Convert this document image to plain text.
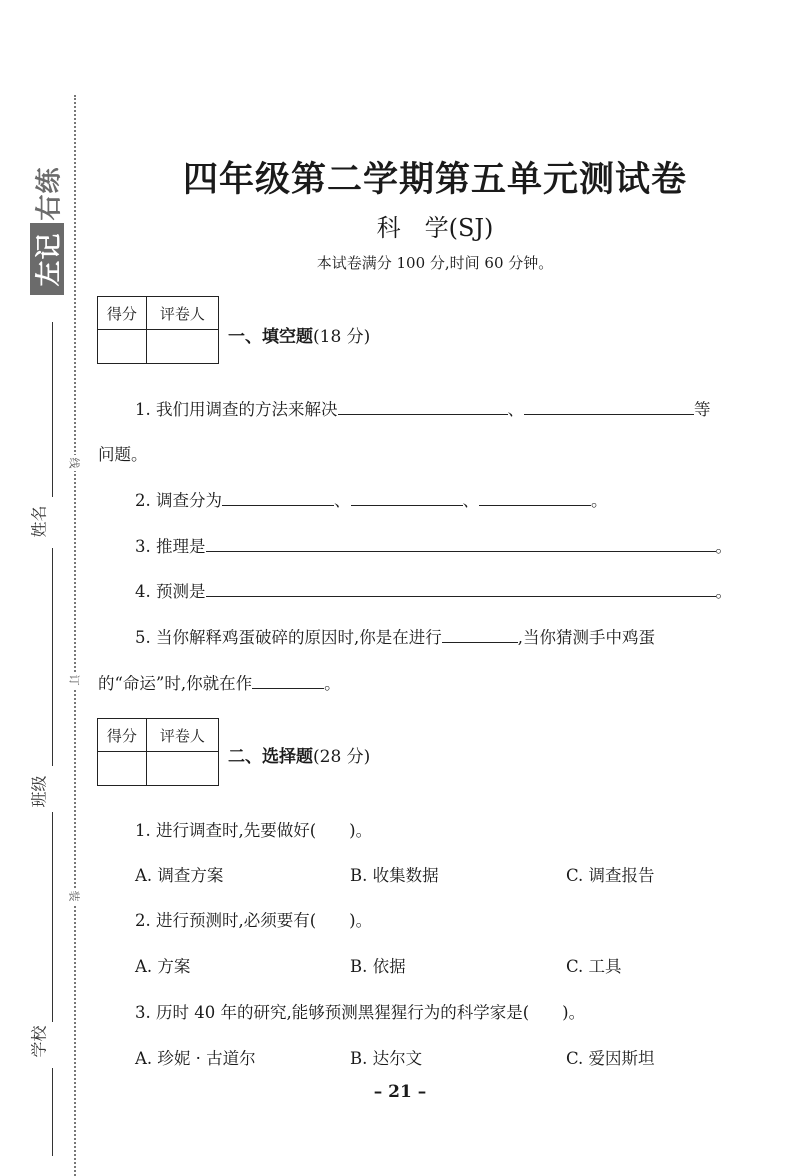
右练
左记
姓名
班级
学校
线
订
装
四年级第二学期第五单元测试卷
科　学(SJ)
本试卷满分 100 分,时间 60 分钟。
得分	评卷人

一、填空题(18 分)
1. 我们用调查的方法来解决	、	等
问题。
2. 调查分为	、	、	。
3. 推理是	。
4. 预测是	。
5. 当你解释鸡蛋破碎的原因时,你是在进行	,当你猜测手中鸡蛋
的“命运”时,你就在作	。
得分	评卷人

二、选择题(28 分)
1. 进行调查时,先要做好(　　)。
A. 调查方案	B. 收集数据	C. 调查报告
2. 进行预测时,必须要有(　　)。
A. 方案	B. 依据	C. 工具
3. 历时 40 年的研究,能够预测黑猩猩行为的科学家是(　　)。
A. 珍妮 · 古道尔	B. 达尔文	C. 爱因斯坦
– 21 –
